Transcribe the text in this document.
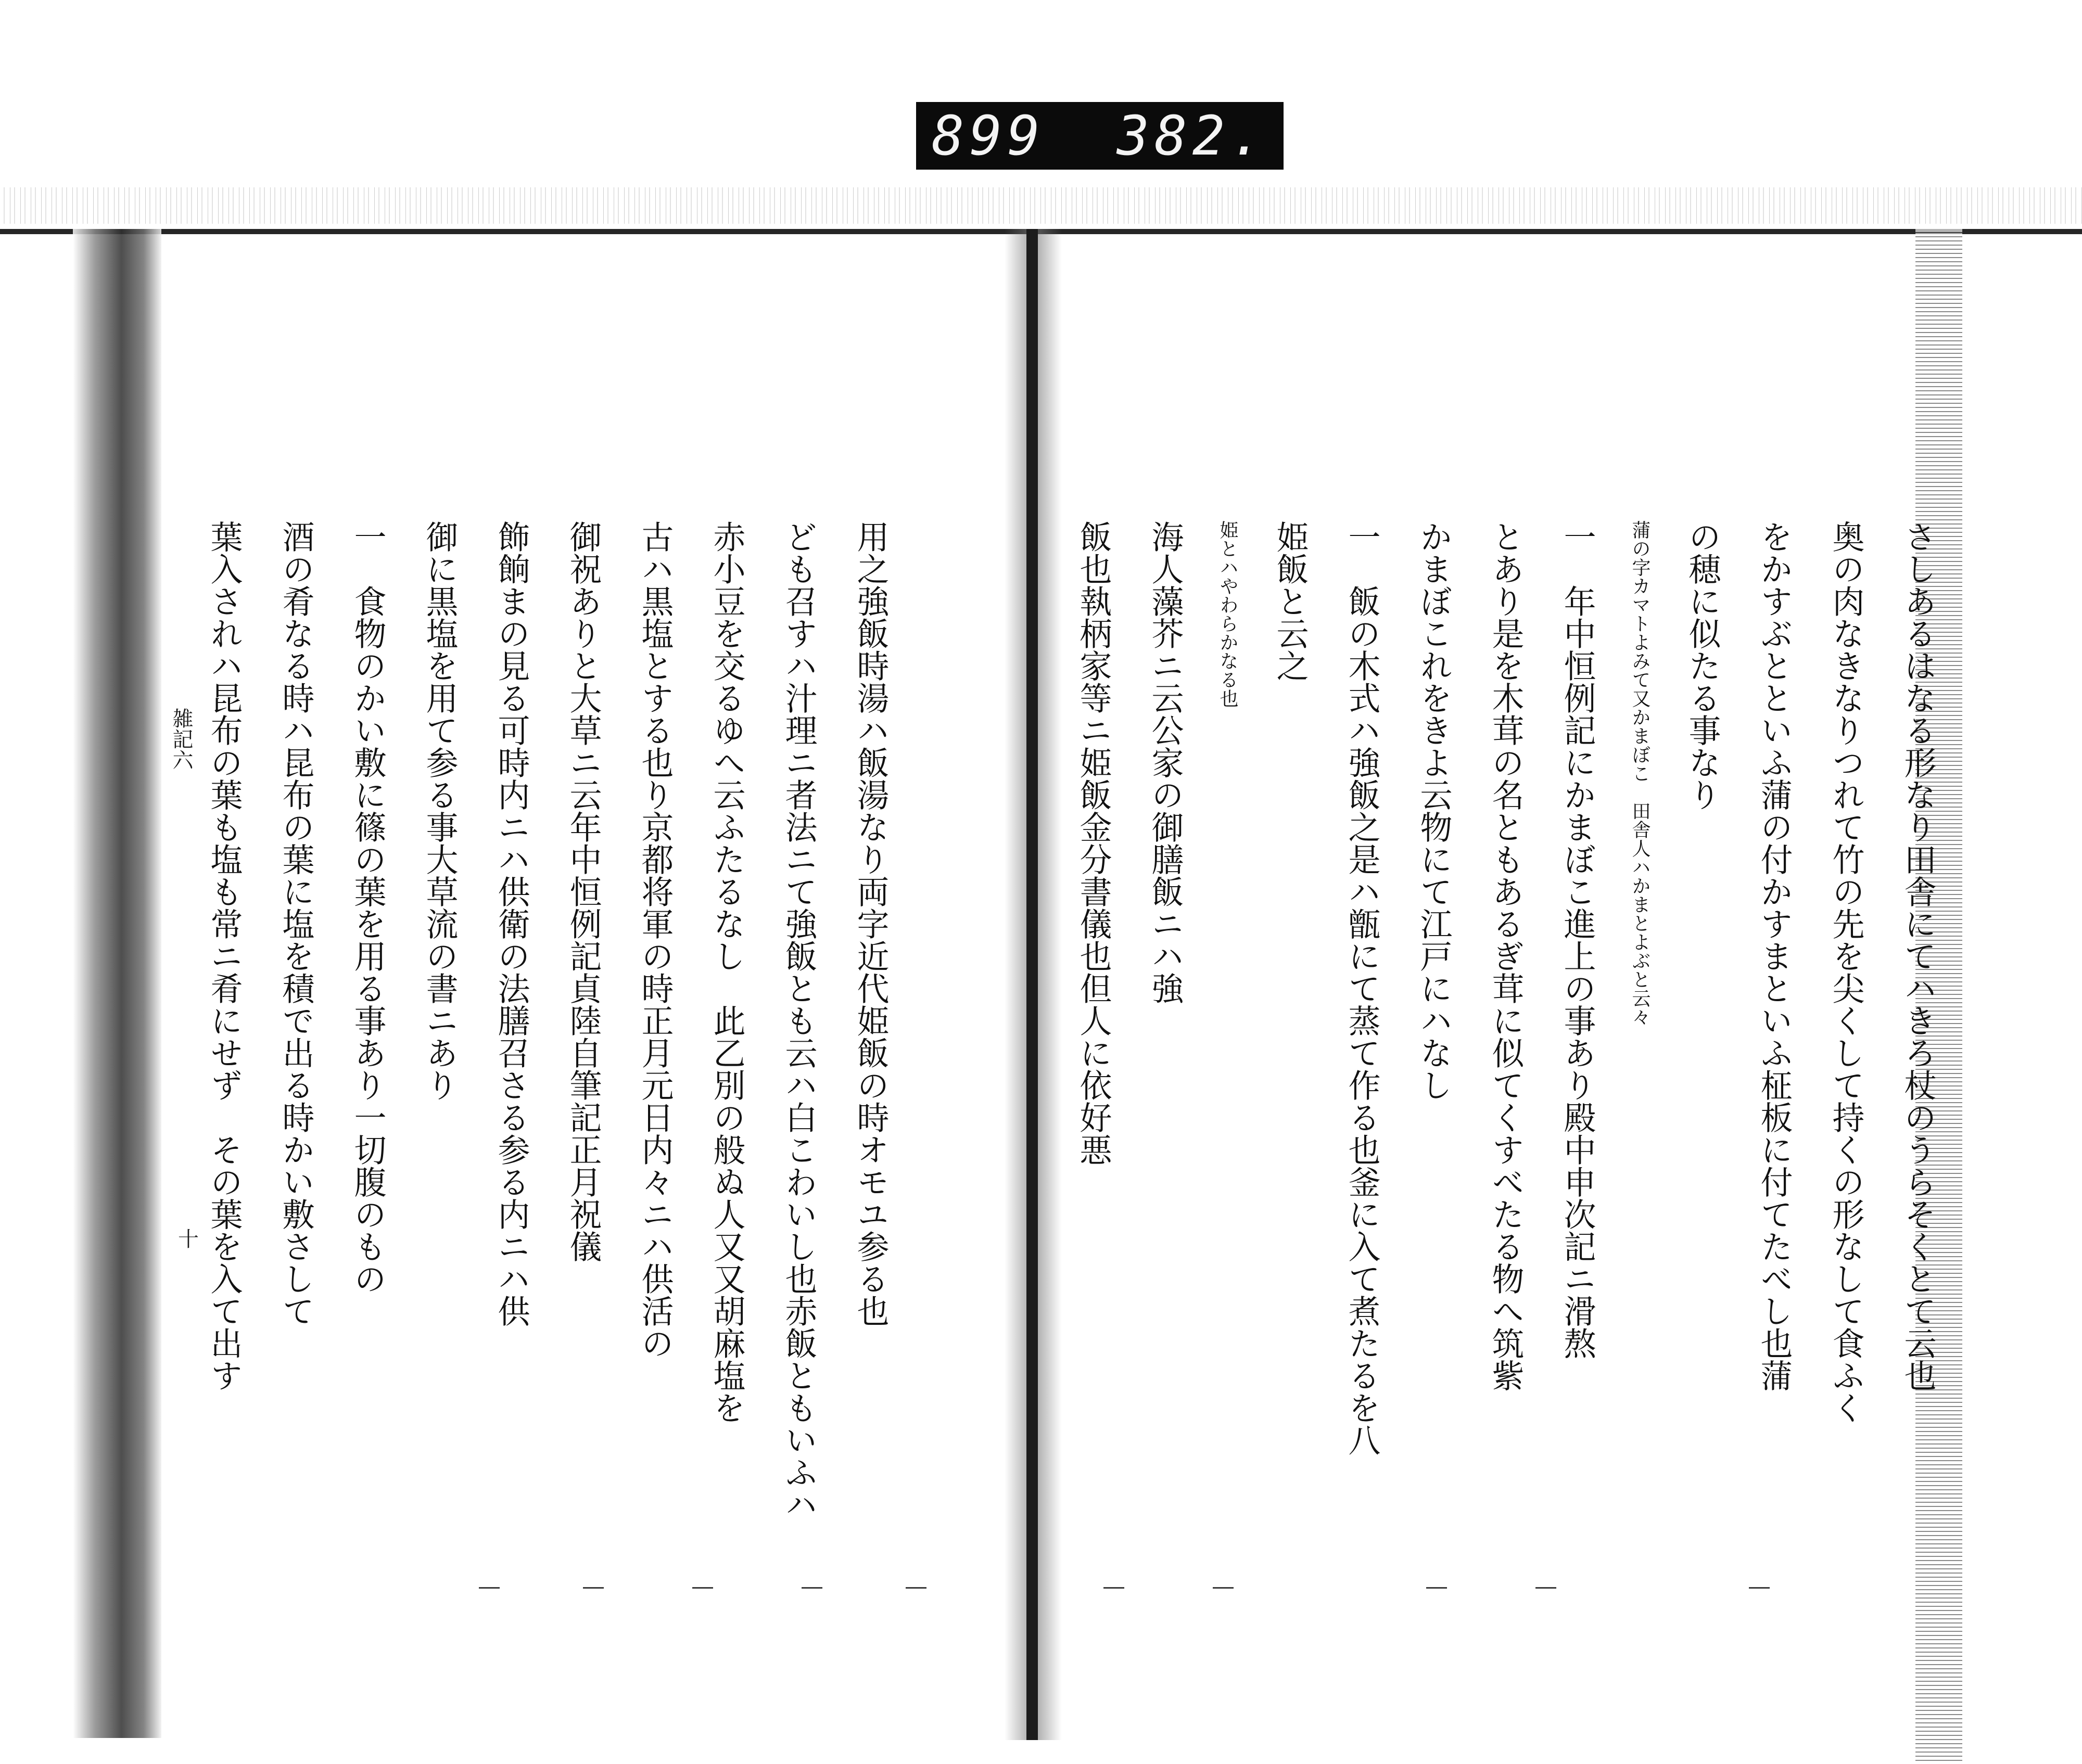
899 382.
用之強飯時湯ハ飯湯なり両字近代姫飯の時オモユ参る也
ども召すハ汁理ニ者法ニて強飯とも云ハ白こわいし也赤飯ともいふハ
赤小豆を交るゆへ云ふたるなし　此乙別の般ぬ人又又胡麻塩を
古ハ黒塩とする也り京都将軍の時正月元日内々ニハ供活の
御祝ありと大草ニ云年中恒例記貞陸自筆記正月祝儀
飾餉まの見る可時内ニハ供衛の法膳召さる参る内ニハ供
御に黒塩を用て参る事大草流の書ニあり
一　食物のかい敷に篠の葉を用る事あり一切腹のもの
酒の肴なる時ハ昆布の葉に塩を積で出る時かい敷さして
葉入されハ昆布の葉も塩も常ニ肴にせず　その葉を入て出す
雑記六
十	さしあるはなる形なり田舎にてハきろ杖のうらそくとて云也
奥の肉なきなりつれて竹の先を尖くして持くの形なして食ふく
をかすぶとといふ蒲の付かすまといふ柾板に付てたべし也蒲
の穂に似たる事なり
蒲の字カマトよみて又かまぼこ　田舎人ハかまとよぶと云々
一　年中恒例記にかまぼこ進上の事あり殿中申次記ニ滑熬
とあり是を木茸の名ともあるぎ茸に似てくすべたる物へ筑紫
かまぼこれをきよ云物にて江戸にハなし
一　飯の木式ハ強飯之是ハ甑にて蒸て作る也釜に入て煮たるを八
姫飯と云之
姫とハやわらかなる也
海人藻芥ニ云公家の御膳飯ニハ強
飯也執柄家等ニ姫飯金分書儀也但人に依好悪
